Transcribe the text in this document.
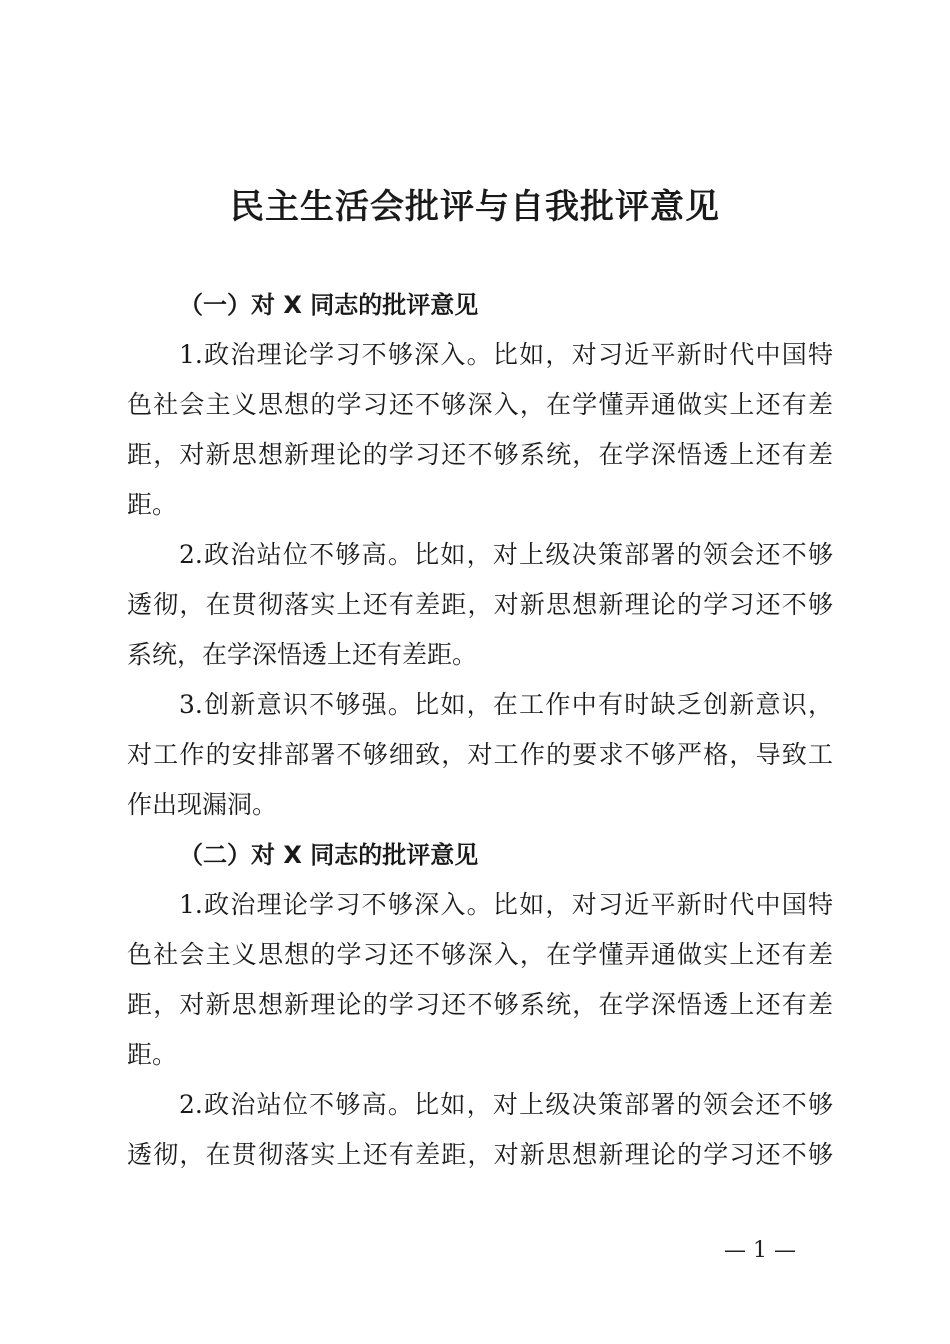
民主生活会批评与自我批评意见
（一）对 X 同志的批评意见

1.政治理论学习不够深入。比如，对习近平新时代中国特
色社会主义思想的学习还不够深入，在学懂弄通做实上还有差
距，对新思想新理论的学习还不够系统，在学深悟透上还有差
距。

2.政治站位不够高。比如，对上级决策部署的领会还不够
透彻，在贯彻落实上还有差距，对新思想新理论的学习还不够
系统，在学深悟透上还有差距。

3.创新意识不够强。比如，在工作中有时缺乏创新意识，
对工作的安排部署不够细致，对工作的要求不够严格，导致工
作出现漏洞。

（二）对 X 同志的批评意见

1.政治理论学习不够深入。比如，对习近平新时代中国特
色社会主义思想的学习还不够深入，在学懂弄通做实上还有差
距，对新思想新理论的学习还不够系统，在学深悟透上还有差
距。

2.政治站位不够高。比如，对上级决策部署的领会还不够
透彻，在贯彻落实上还有差距，对新思想新理论的学习还不够

— 1 —
